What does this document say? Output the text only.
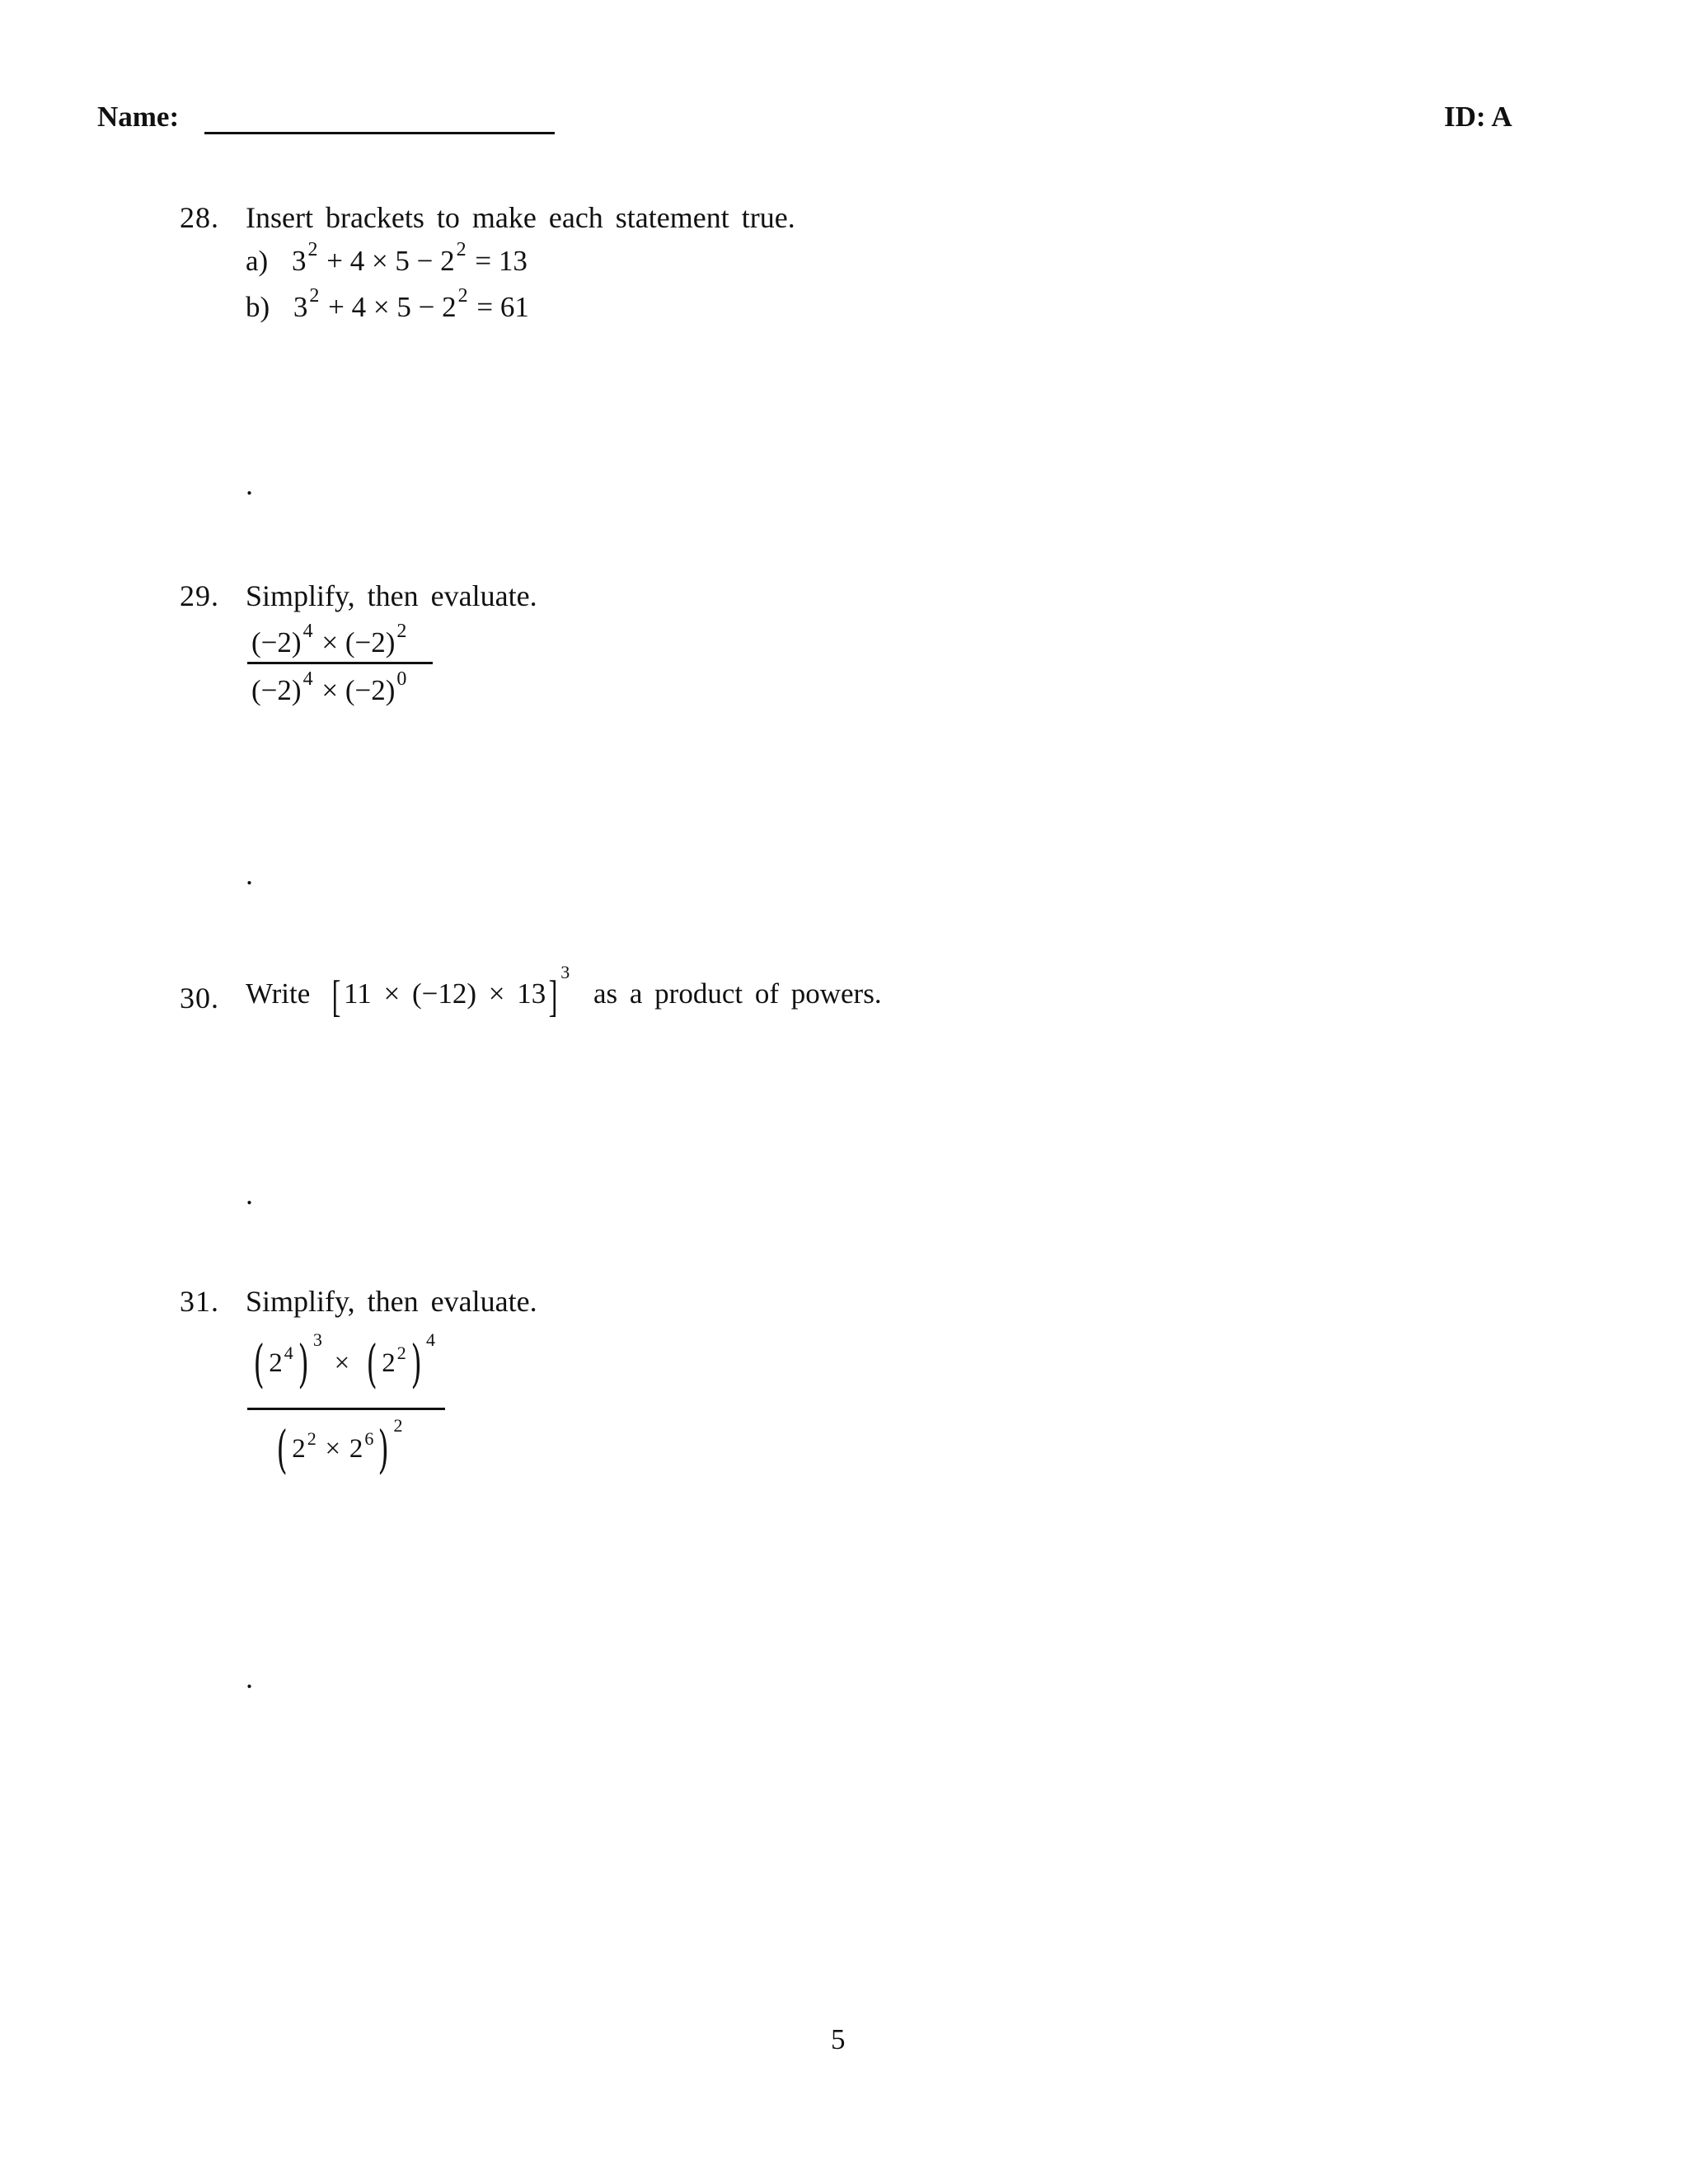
Name:	ID: A
28. Insert brackets to make each statement true.
a) $3^2 + 4 \times 5 - 2^2 = 13$
b) $3^2 + 4 \times 5 - 2^2 = 61$
.
29. Simplify, then evaluate.
$(-2)^4 \times (-2)^2$
$(-2)^4 \times (-2)^0$
.
30. Write [ 11 × (−12) × 13] $^3$ as a product of powers.
.
31. Simplify, then evaluate.
( $2^4$) $^3$ × ( $2^2$) $^4$
( $2^2 \times 2^6$) $^2$
.
5
